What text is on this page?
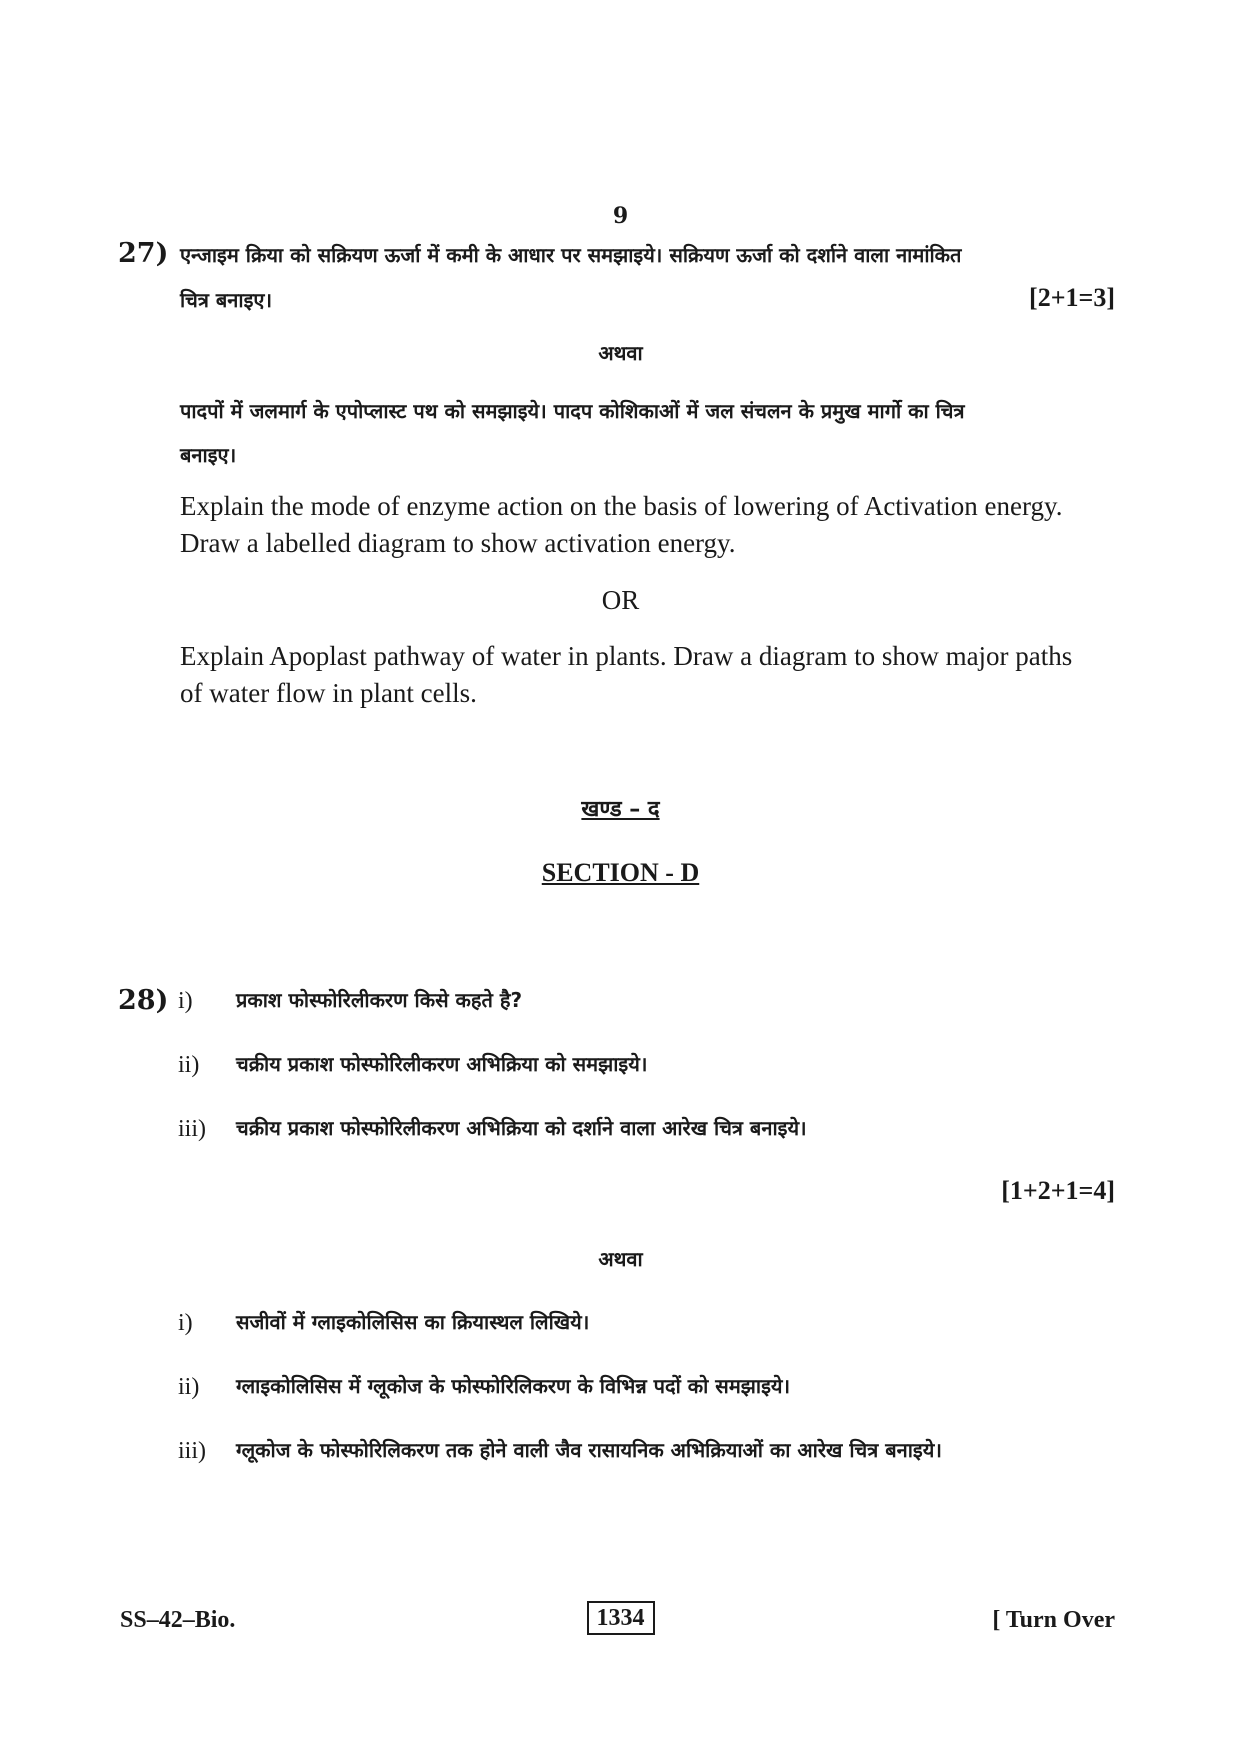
9
27) एन्जाइम क्रिया को सक्रियण ऊर्जा में कमी के आधार पर समझाइये। सक्रियण ऊर्जा को दर्शाने वाला नामांकित
चित्र बनाइए।	[2+1=3]
अथवा
पादपों में जलमार्ग के एपोप्लास्ट पथ को समझाइये। पादप कोशिकाओं में जल संचलन के प्रमुख मार्गो का चित्र
बनाइए।
Explain the mode of enzyme action on the basis of lowering of Activation energy.
Draw a labelled diagram to show activation energy.
OR
Explain Apoplast pathway of water in plants. Draw a diagram to show major paths
of water flow in plant cells.
खण्ड – द
SECTION - D
28) i) प्रकाश फोस्फोरिलीकरण किसे कहते है?
ii) चक्रीय प्रकाश फोस्फोरिलीकरण अभिक्रिया को समझाइये।
iii) चक्रीय प्रकाश फोस्फोरिलीकरण अभिक्रिया को दर्शाने वाला आरेख चित्र बनाइये।
[1+2+1=4]
अथवा
i) सजीवों में ग्लाइकोलिसिस का क्रियास्थल लिखिये।
ii) ग्लाइकोलिसिस में ग्लूकोज के फोस्फोरिलिकरण के विभिन्न पदों को समझाइये।
iii) ग्लूकोज के फोस्फोरिलिकरण तक होने वाली जैव रासायनिक अभिक्रियाओं का आरेख चित्र बनाइये।
SS–42–Bio.	1334	[ Turn Over
